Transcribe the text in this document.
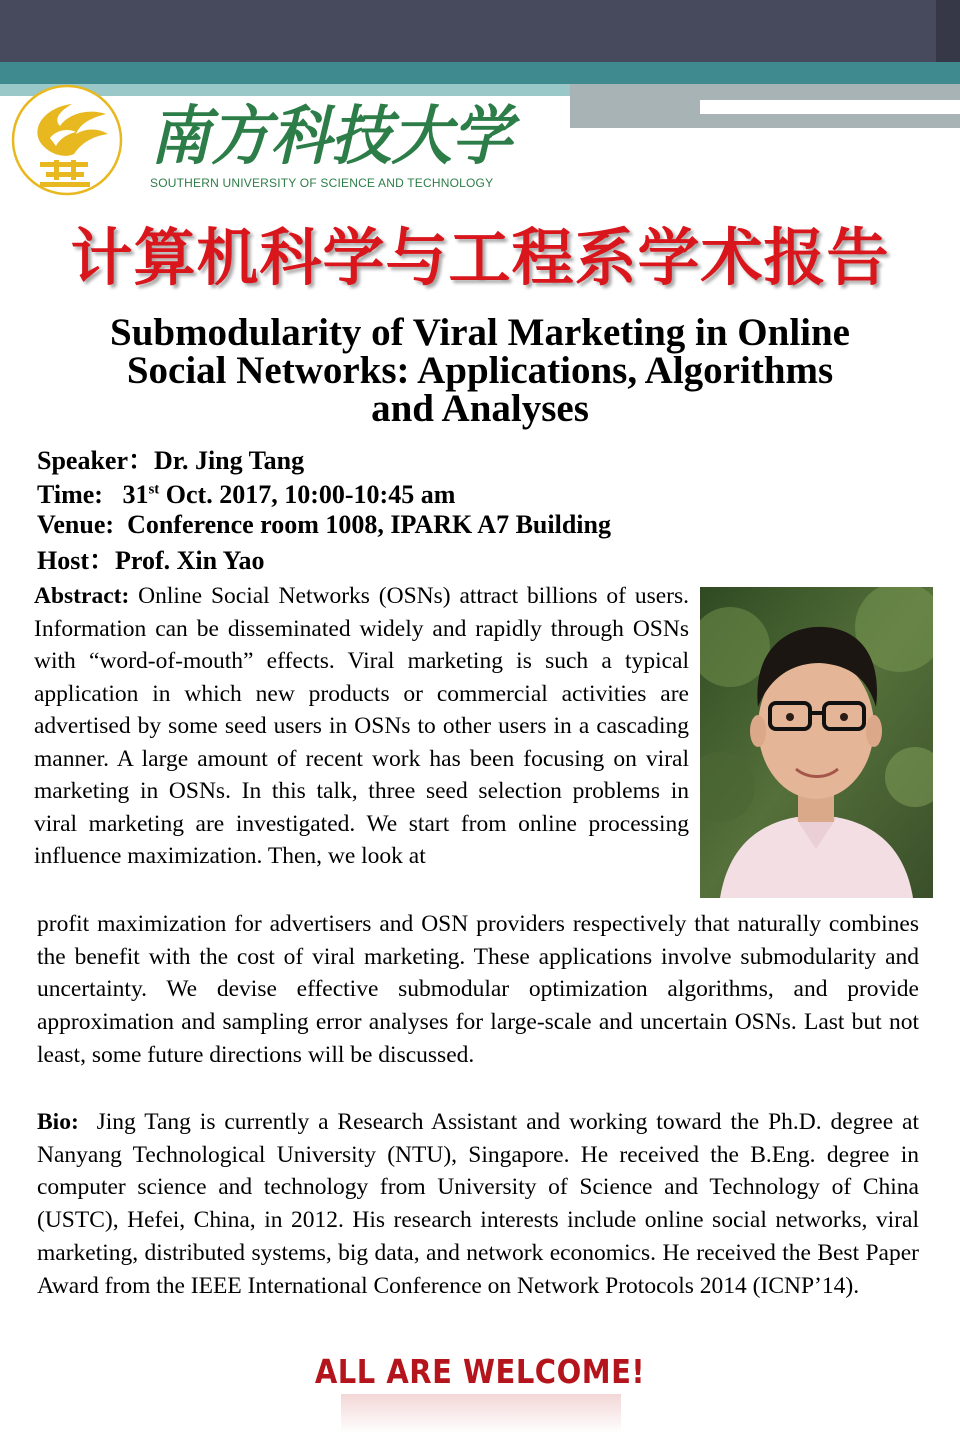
南方科技大学
SOUTHERN UNIVERSITY OF SCIENCE AND TECHNOLOGY
计算机科学与工程系学术报告
Submodularity of Viral Marketing in Online
Social Networks: Applications, Algorithms
and Analyses
Speaker：Dr. Jing Tang
Time: 31st Oct. 2017, 10:00-10:45 am
Venue: Conference room 1008, IPARK A7 Building
Host：Prof. Xin Yao
Abstract: Online Social Networks (OSNs) attract billions of users. Information can be disseminated widely and rapidly through OSNs with “word-of-mouth” effects. Viral marketing is such a typical application in which new products or commercial activities are advertised by some seed users in OSNs to other users in a cascading manner. A large amount of recent work has been focusing on viral marketing in OSNs. In this talk, three seed selection problems in viral marketing are investigated. We start from online processing influence maximization. Then, we look at
profit maximization for advertisers and OSN providers respectively that naturally combines the benefit with the cost of viral marketing. These applications involve submodularity and uncertainty. We devise effective submodular optimization algorithms, and provide approximation and sampling error analyses for large-scale and uncertain OSNs. Last but not least, some future directions will be discussed.
Bio: Jing Tang is currently a Research Assistant and working toward the Ph.D. degree at Nanyang Technological University (NTU), Singapore. He received the B.Eng. degree in computer science and technology from University of Science and Technology of China (USTC), Hefei, China, in 2012. His research interests include online social networks, viral marketing, distributed systems, big data, and network economics. He received the Best Paper Award from the IEEE International Conference on Network Protocols 2014 (ICNP’14).
ALL ARE WELCOME!
